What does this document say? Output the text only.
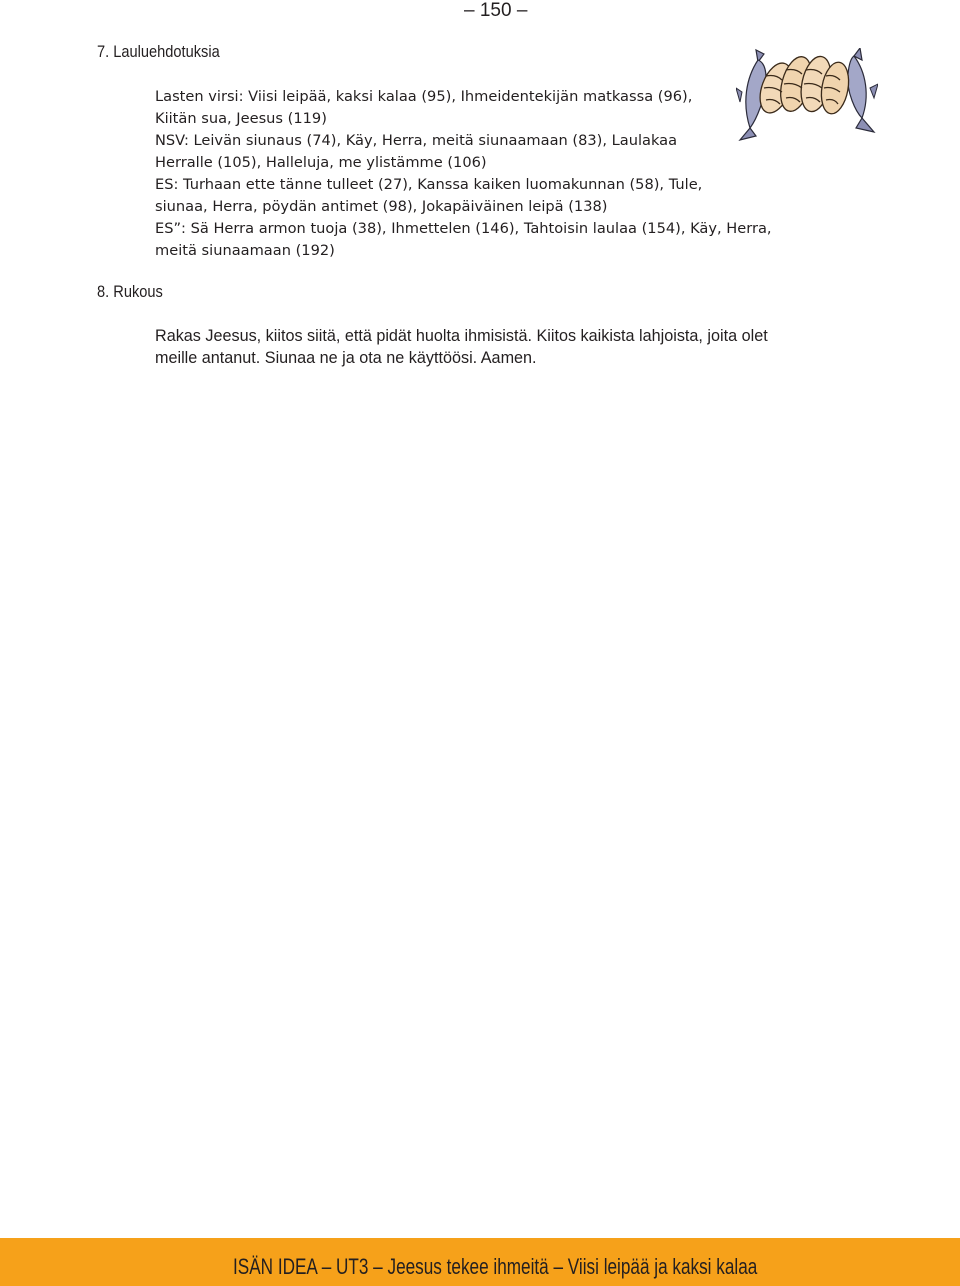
– 150 –
7. Lauluehdotuksia
Lasten virsi: Viisi leipää, kaksi kalaa (95), Ihmeidentekijän matkassa (96),
Kiitän sua, Jeesus (119)
NSV: Leivän siunaus (74), Käy, Herra, meitä siunaamaan (83), Laulakaa
Herralle (105), Halleluja, me ylistämme (106)
ES: Turhaan ette tänne tulleet (27), Kanssa kaiken luomakunnan (58), Tule,
siunaa, Herra, pöydän antimet (98), Jokapäiväinen leipä (138)
ES”: Sä Herra armon tuoja (38), Ihmettelen (146), Tahtoisin laulaa (154), Käy, Herra,
meitä siunaamaan (192)
8. Rukous
Rakas Jeesus, kiitos siitä, että pidät huolta ihmisistä. Kiitos kaikista lahjoista, joita olet
meille antanut. Siunaa ne ja ota ne käyttöösi. Aamen.
ISÄN IDEA – UT3 – Jeesus tekee ihmeitä – Viisi leipää ja kaksi kalaa
